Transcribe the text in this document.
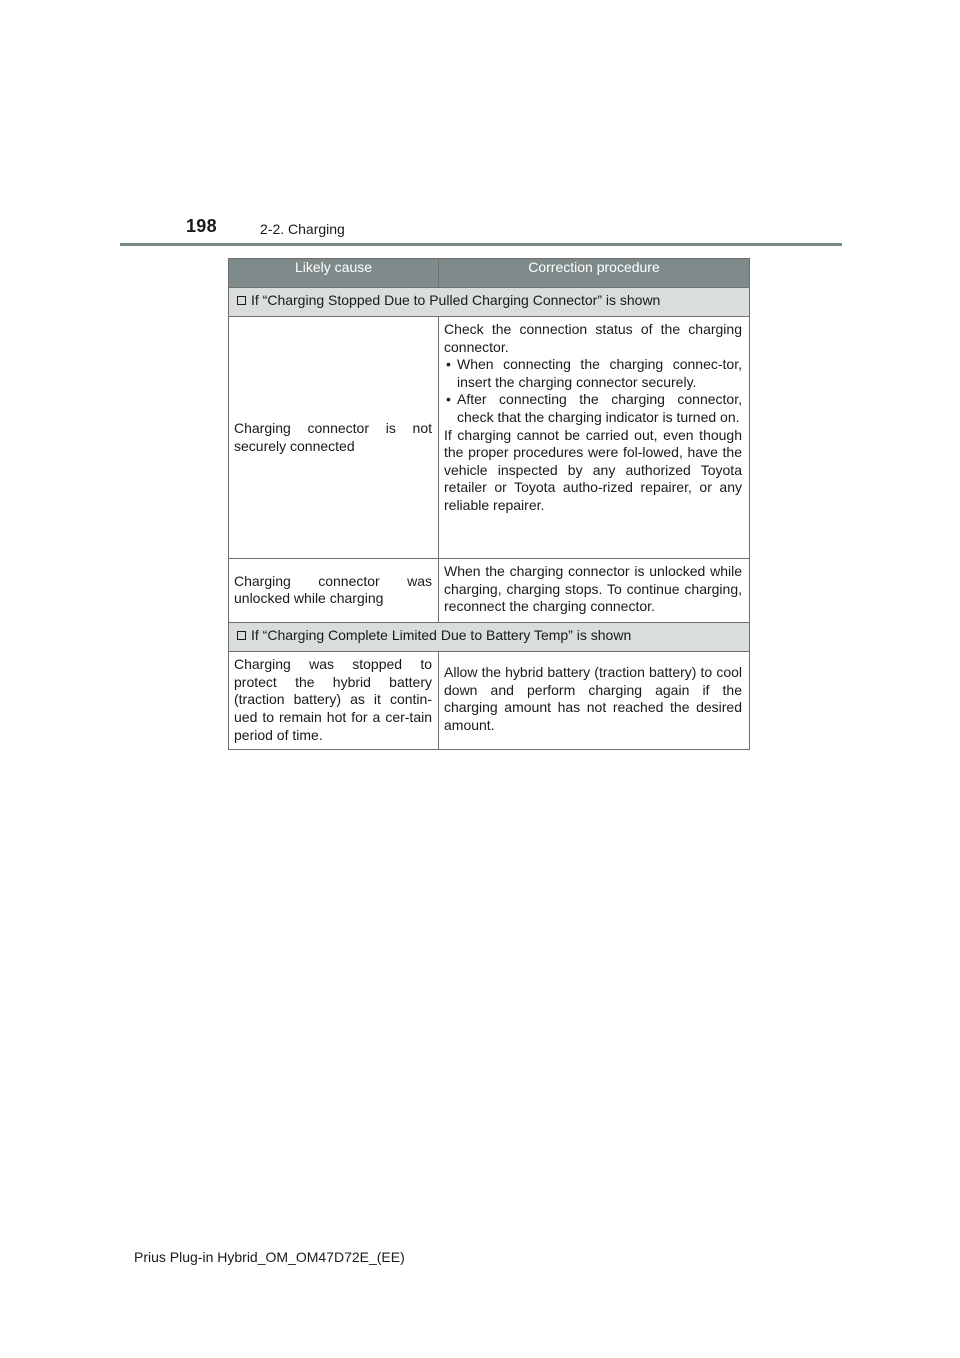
198	2-2. Charging
Likely cause	Correction procedure
If “Charging Stopped Due to Pulled Charging Connector” is shown	
Charging connector is not securely connected	Check the connection status of the charging connector.
• When connecting the charging connec-tor, insert the charging connector securely.
• After connecting the charging connector, check that the charging indicator is turned on.
If charging cannot be carried out, even though the proper procedures were fol-lowed, have the vehicle inspected by any authorized Toyota retailer or Toyota autho-rized repairer, or any reliable repairer.

Charging connector was unlocked while charging	When the charging connector is unlocked while charging, charging stops. To continue charging, reconnect the charging connector.
If “Charging Complete Limited Due to Battery Temp” is shown	
Charging was stopped to protect the hybrid battery (traction battery) as it contin-ued to remain hot for a cer-tain period of time.	Allow the hybrid battery (traction battery) to cool down and perform charging again if the charging amount has not reached the desired amount.
Prius Plug-in Hybrid_OM_OM47D72E_(EE)
